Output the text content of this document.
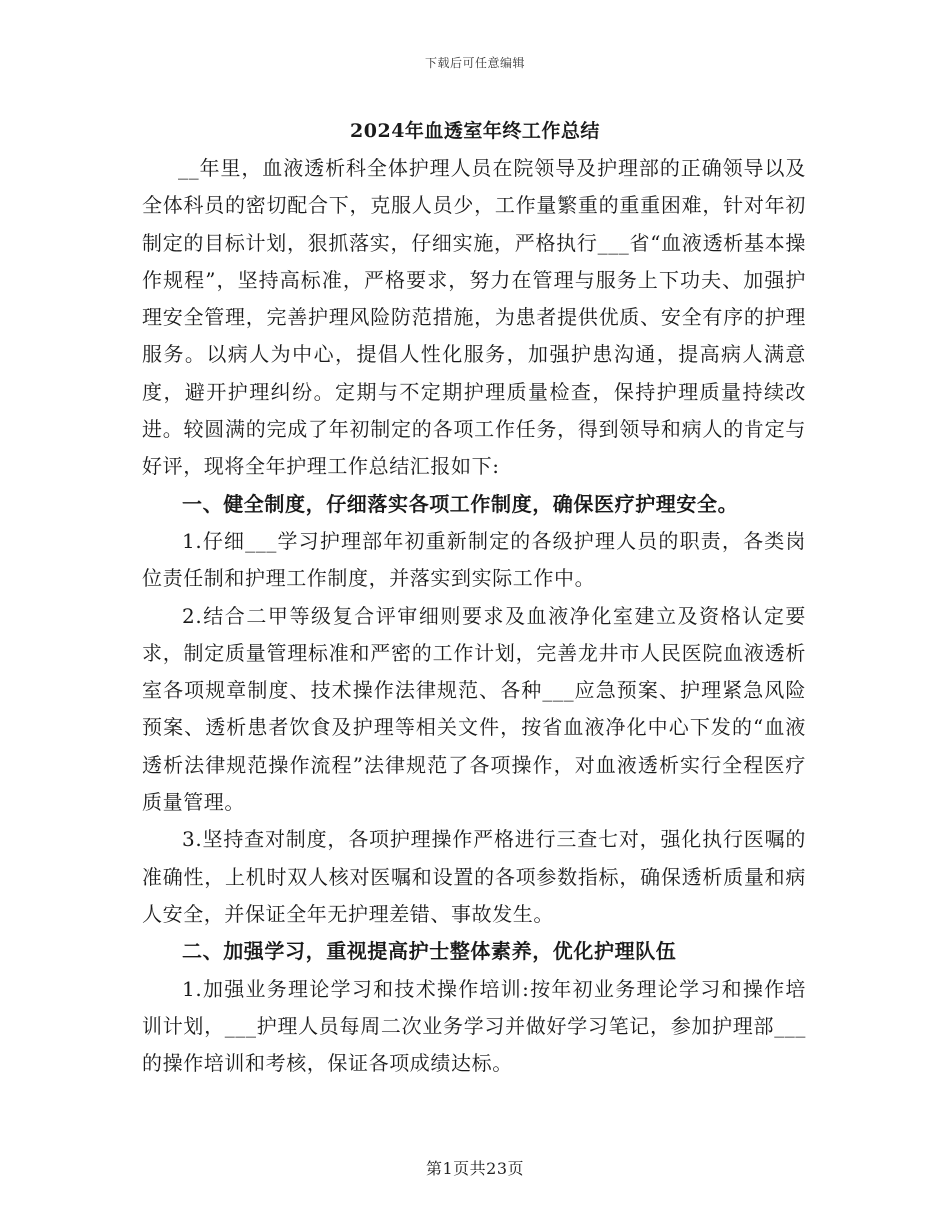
下载后可任意编辑
2024年血透室年终工作总结

__年里，血液透析科全体护理人员在院领导及护理部的正确领导以及全体科员的密切配合下，克服人员少，工作量繁重的重重困难，针对年初制定的目标计划，狠抓落实，仔细实施，严格执行___省“血液透析基本操作规程”，坚持高标准，严格要求，努力在管理与服务上下功夫、加强护理安全管理，完善护理风险防范措施，为患者提供优质、安全有序的护理服务。以病人为中心，提倡人性化服务，加强护患沟通，提高病人满意度，避开护理纠纷。定期与不定期护理质量检查，保持护理质量持续改进。较圆满的完成了年初制定的各项工作任务，得到领导和病人的肯定与好评，现将全年护理工作总结汇报如下:

一、健全制度，仔细落实各项工作制度，确保医疗护理安全。

1.仔细___学习护理部年初重新制定的各级护理人员的职责，各类岗位责任制和护理工作制度，并落实到实际工作中。

2.结合二甲等级复合评审细则要求及血液净化室建立及资格认定要求，制定质量管理标准和严密的工作计划，完善龙井市人民医院血液透析室各项规章制度、技术操作法律规范、各种___应急预案、护理紧急风险预案、透析患者饮食及护理等相关文件，按省血液净化中心下发的“血液透析法律规范操作流程”法律规范了各项操作，对血液透析实行全程医疗质量管理。

3.坚持查对制度，各项护理操作严格进行三查七对，强化执行医嘱的准确性，上机时双人核对医嘱和设置的各项参数指标，确保透析质量和病人安全，并保证全年无护理差错、事故发生。

二、加强学习，重视提高护士整体素养，优化护理队伍

1.加强业务理论学习和技术操作培训:按年初业务理论学习和操作培训计划，___护理人员每周二次业务学习并做好学习笔记，参加护理部___的操作培训和考核，保证各项成绩达标。

第1页共23页
